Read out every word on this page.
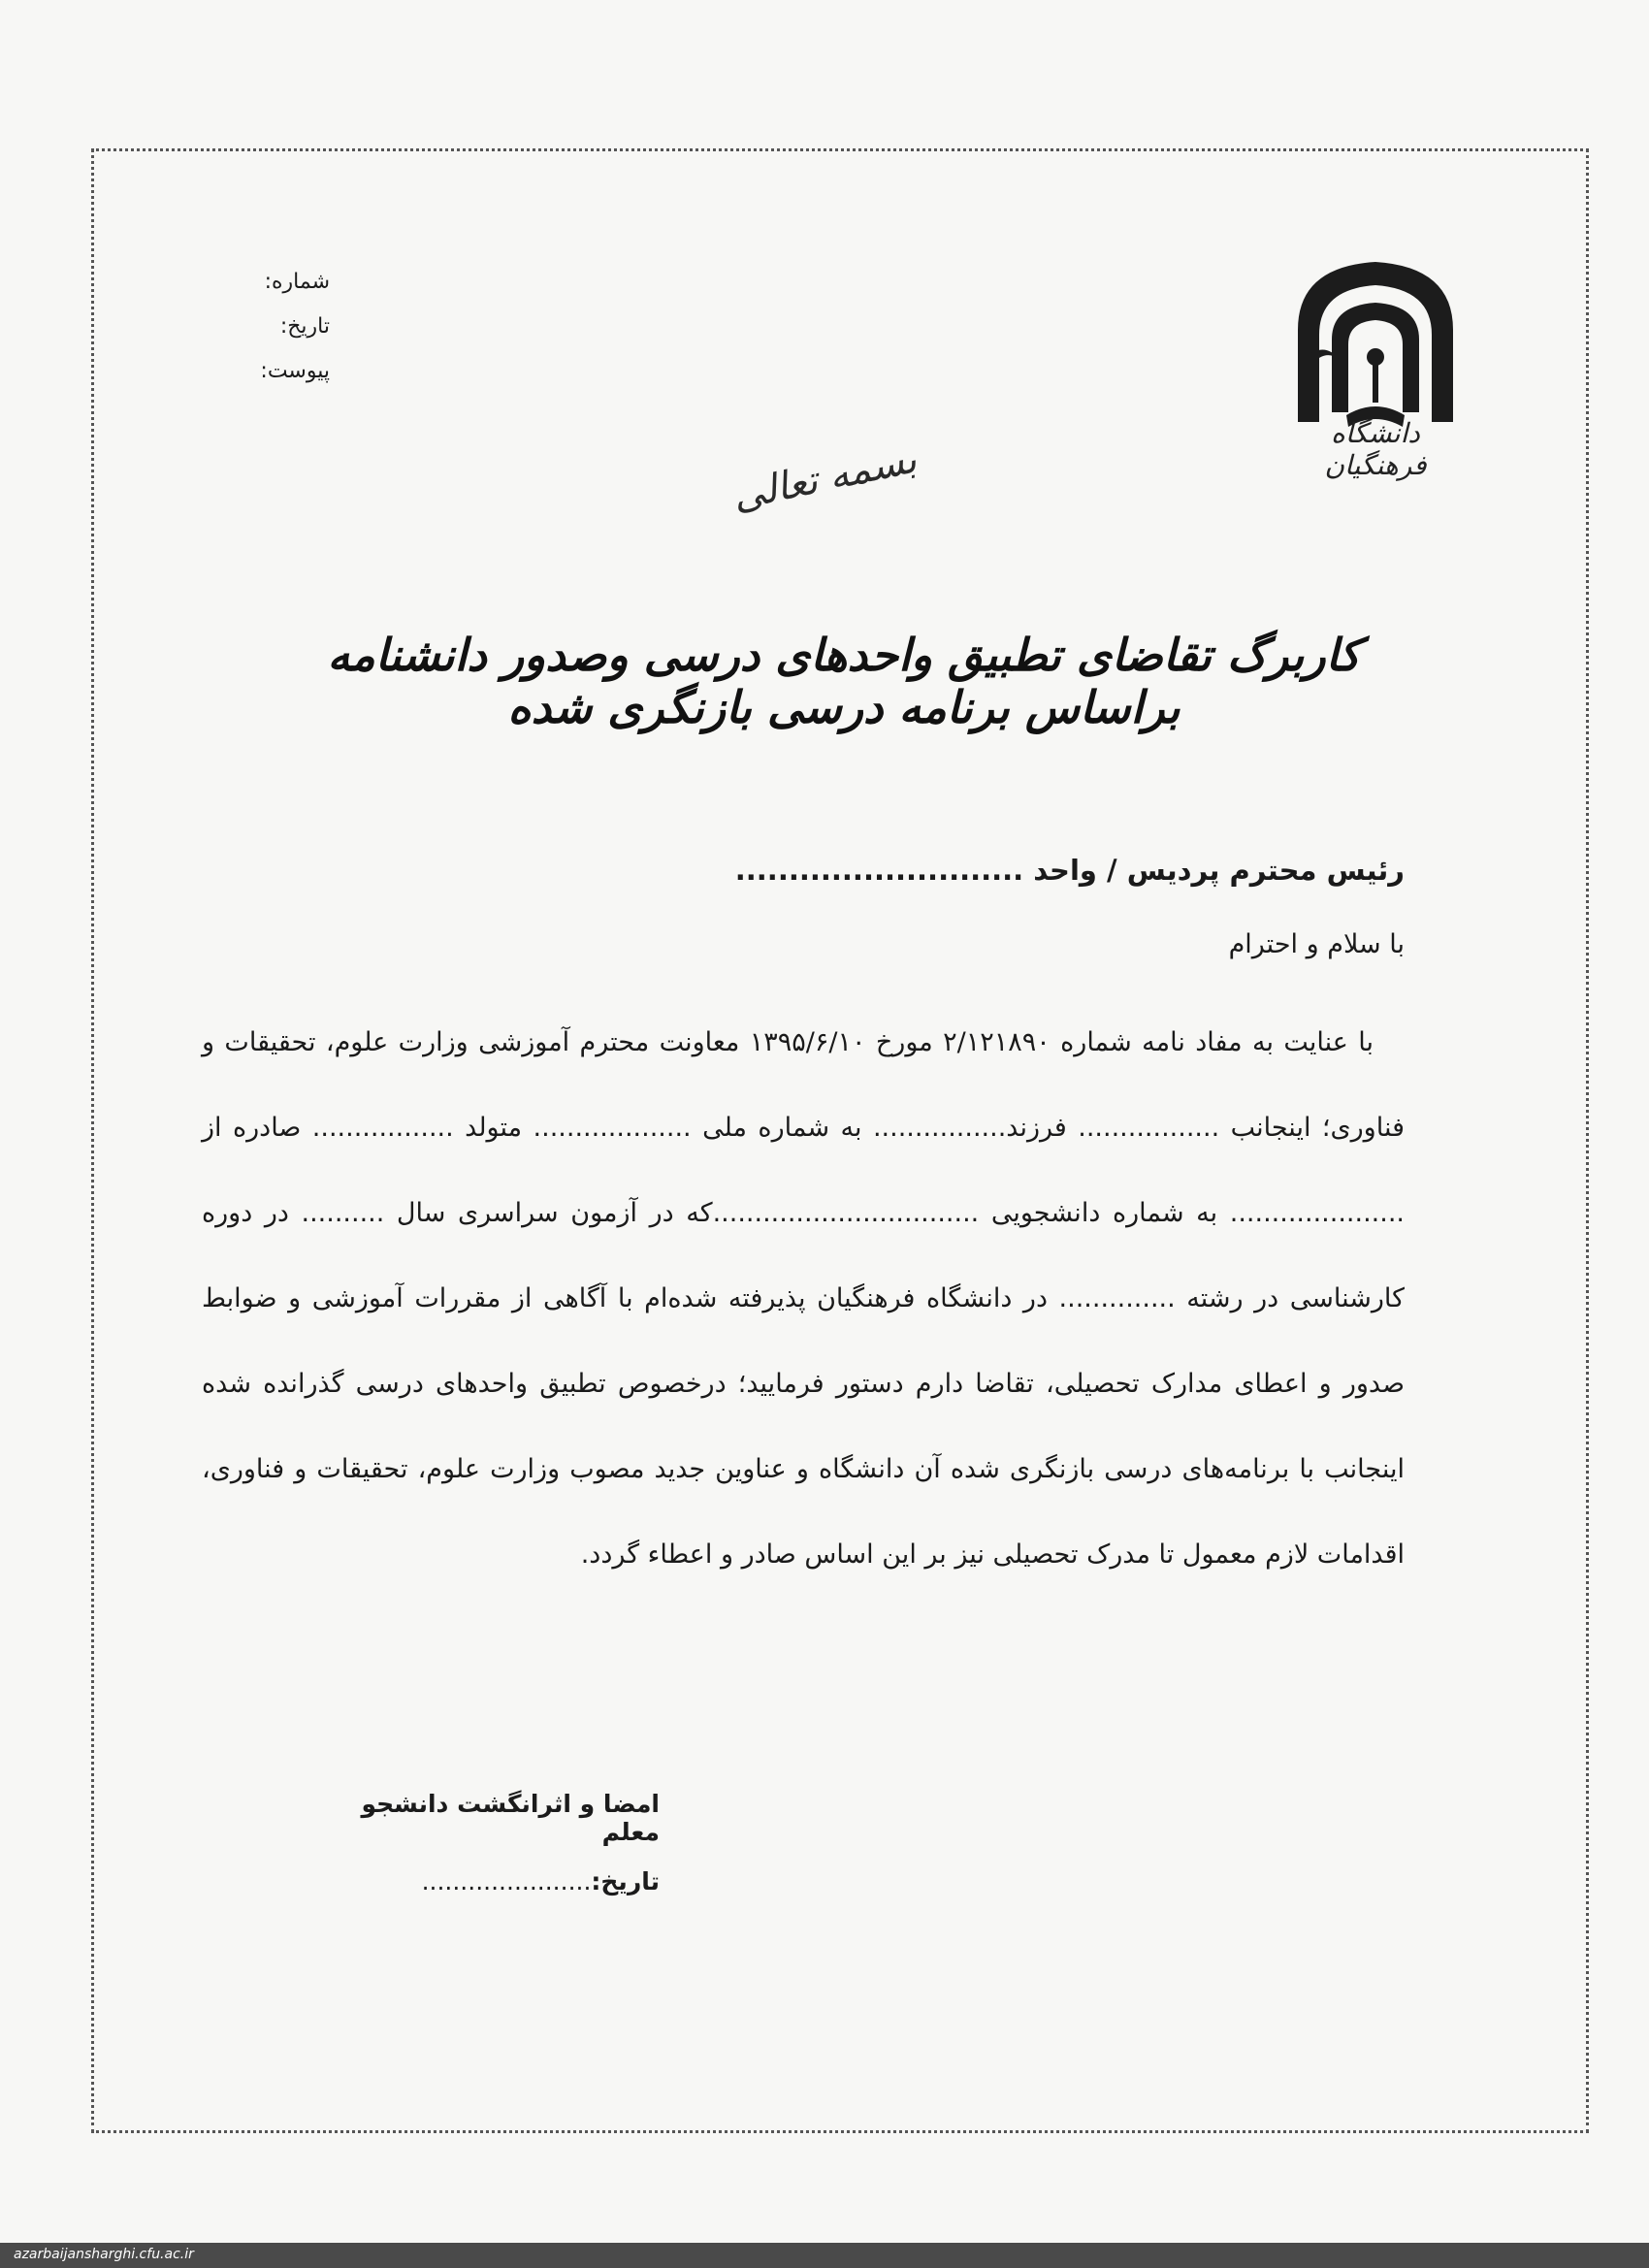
شماره:
تاریخ:
پیوست:
دانشگاه فرهنگیان
بسمه تعالی
کاربرگ تقاضای تطبیق واحدهای درسی وصدور دانشنامه براساس برنامه درسی بازنگری شده

رئیس محترم پردیس / واحد ...........................

با سلام و احترام

با عنایت به مفاد نامه شماره ۲/۱۲۱۸۹۰ مورخ ۱۳۹۵/۶/۱۰ معاونت محترم آموزشی وزارت علوم، تحقیقات و فناوری؛ اینجانب ................. فرزند................ به شماره ملی ................... متولد ................. صادره از ..................... به شماره دانشجویی ................................که در آزمون سراسری سال .......... در دوره کارشناسی در رشته .............. در دانشگاه فرهنگیان پذیرفته شده‌ام با آگاهی از مقررات آموزشی و ضوابط صدور و اعطای مدارک تحصیلی، تقاضا دارم دستور فرمایید؛ درخصوص تطبیق واحدهای درسی گذرانده شده اینجانب با برنامه‌های درسی بازنگری شده آن دانشگاه و عناوین جدید مصوب وزارت علوم، تحقیقات و فناوری، اقدامات لازم معمول تا مدرک تحصیلی نیز بر این اساس صادر و اعطاء گردد.

امضا و اثرانگشت دانشجو معلم
تاریخ:......................
azarbaijansharghi.cfu.ac.ir
